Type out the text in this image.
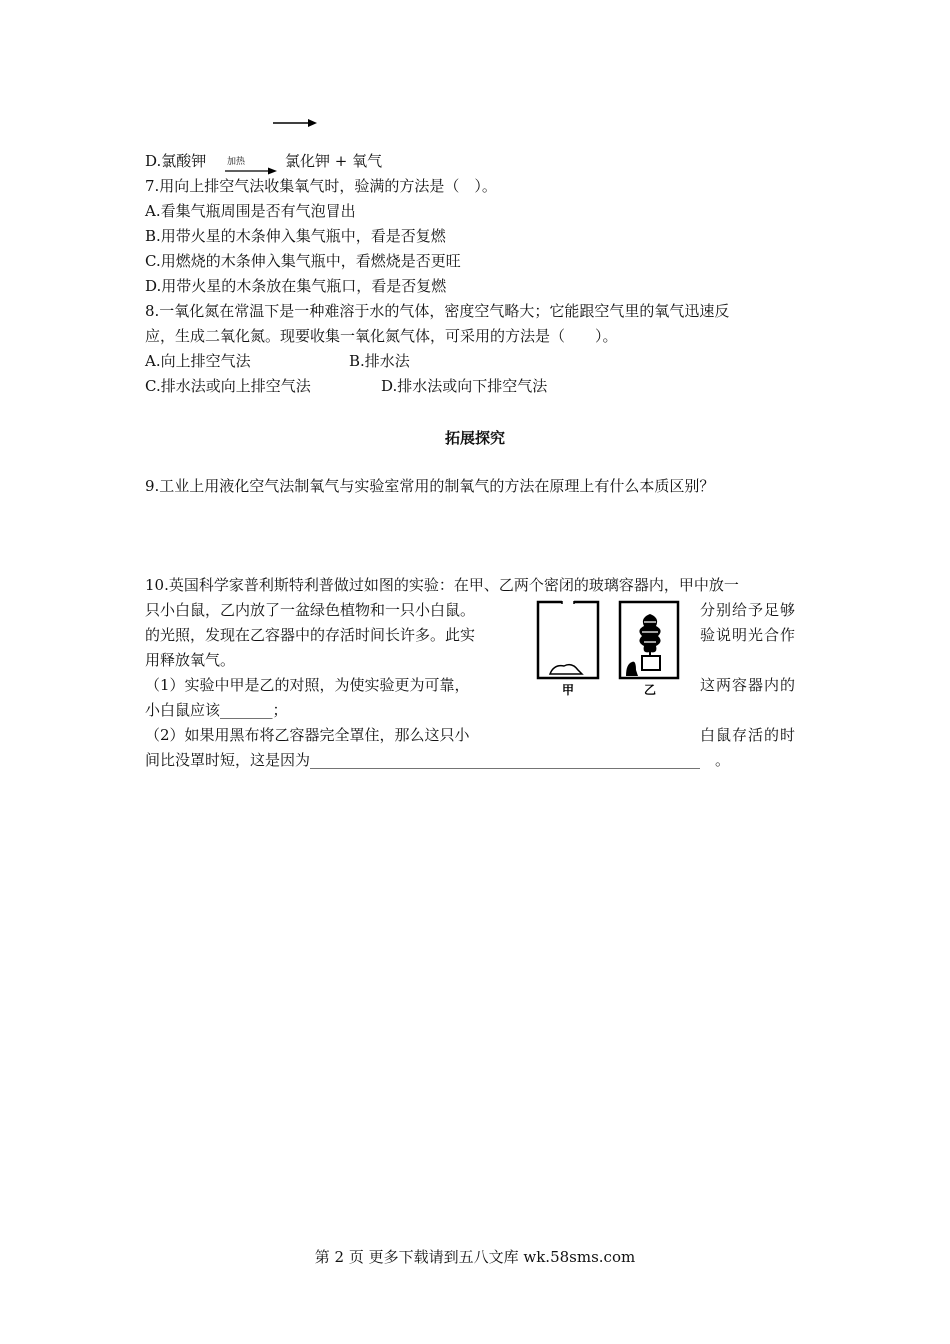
D.氯酸钾 加热	氯化钾 + 氧气
7.用向上排空气法收集氧气时，验满的方法是（　）。
A.看集气瓶周围是否有气泡冒出
B.用带火星的木条伸入集气瓶中，看是否复燃
C.用燃烧的木条伸入集气瓶中，看燃烧是否更旺
D.用带火星的木条放在集气瓶口，看是否复燃
8.一氧化氮在常温下是一种难溶于水的气体，密度空气略大；它能跟空气里的氧气迅速反
应，生成二氧化氮。现要收集一氧化氮气体，可采用的方法是（　　）。
A.向上排空气法	B.排水法
C.排水法或向上排空气法	D.排水法或向下排空气法
拓展探究
9.工业上用液化空气法制氧气与实验室常用的制氧气的方法在原理上有什么本质区别？
10.英国科学家普利斯特利普做过如图的实验：在甲、乙两个密闭的玻璃容器内，甲中放一
只小白鼠，乙内放了一盆绿色植物和一只小白鼠。	分别给予足够
的光照，发现在乙容器中的存活时间长许多。此实	验说明光合作
用释放氧气。
（1）实验中甲是乙的对照，为使实验更为可靠，	这两容器内的
小白鼠应该_______；
（2）如果用黑布将乙容器完全罩住，那么这只小	白鼠存活的时
间比没罩时短，这是因为____________________________________________________　。
甲	乙
第 2 页 更多下载请到五八文库 wk.58sms.com
